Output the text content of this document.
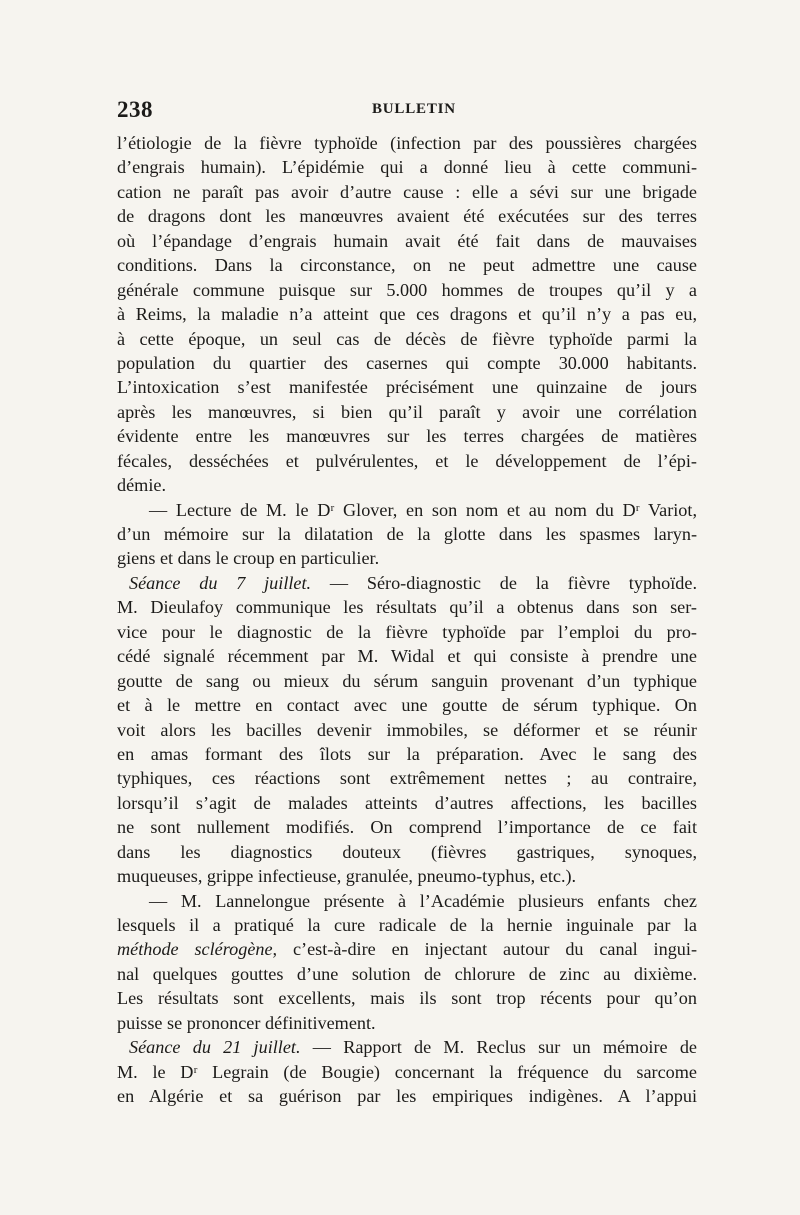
238	BULLETIN
l’étiologie de la fièvre typhoïde (infection par des poussières chargées
d’engrais humain). L’épidémie qui a donné lieu à cette communi-
cation ne paraît pas avoir d’autre cause : elle a sévi sur une brigade
de dragons dont les manœuvres avaient été exécutées sur des terres
où l’épandage d’engrais humain avait été fait dans de mauvaises
conditions. Dans la circonstance, on ne peut admettre une cause
générale commune puisque sur 5.000 hommes de troupes qu’il y a
à Reims, la maladie n’a atteint que ces dragons et qu’il n’y a pas eu,
à cette époque, un seul cas de décès de fièvre typhoïde parmi la
population du quartier des casernes qui compte 30.000 habitants.
L’intoxication s’est manifestée précisément une quinzaine de jours
après les manœuvres, si bien qu’il paraît y avoir une corrélation
évidente entre les manœuvres sur les terres chargées de matières
fécales, desséchées et pulvérulentes, et le développement de l’épi-
démie.
— Lecture de M. le Dʳ Glover, en son nom et au nom du Dʳ Variot,
d’un mémoire sur la dilatation de la glotte dans les spasmes laryn-
giens et dans le croup en particulier.
Séance du 7 juillet. — Séro-diagnostic de la fièvre typhoïde.
M. Dieulafoy communique les résultats qu’il a obtenus dans son ser-
vice pour le diagnostic de la fièvre typhoïde par l’emploi du pro-
cédé signalé récemment par M. Widal et qui consiste à prendre une
goutte de sang ou mieux du sérum sanguin provenant d’un typhique
et à le mettre en contact avec une goutte de sérum typhique. On
voit alors les bacilles devenir immobiles, se déformer et se réunir
en amas formant des îlots sur la préparation. Avec le sang des
typhiques, ces réactions sont extrêmement nettes ; au contraire,
lorsqu’il s’agit de malades atteints d’autres affections, les bacilles
ne sont nullement modifiés. On comprend l’importance de ce fait
dans les diagnostics douteux (fièvres gastriques, synoques,
muqueuses, grippe infectieuse, granulée, pneumo-typhus, etc.).
— M. Lannelongue présente à l’Académie plusieurs enfants chez
lesquels il a pratiqué la cure radicale de la hernie inguinale par la
méthode sclérogène, c’est-à-dire en injectant autour du canal ingui-
nal quelques gouttes d’une solution de chlorure de zinc au dixième.
Les résultats sont excellents, mais ils sont trop récents pour qu’on
puisse se prononcer définitivement.
Séance du 21 juillet. — Rapport de M. Reclus sur un mémoire de
M. le Dʳ Legrain (de Bougie) concernant la fréquence du sarcome
en Algérie et sa guérison par les empiriques indigènes. A l’appui
